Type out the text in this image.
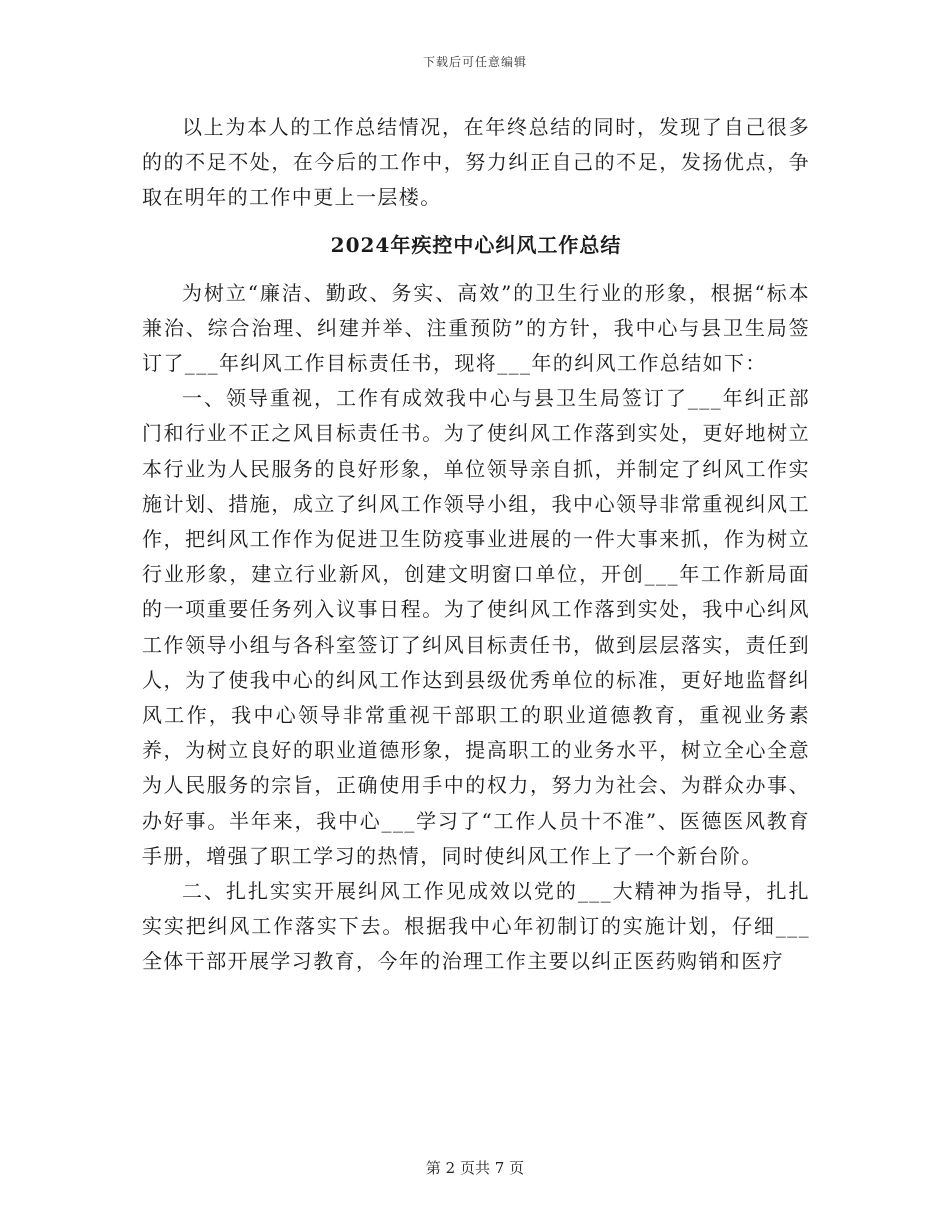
下载后可任意编辑

以上为本人的工作总结情况，在年终总结的同时，发现了自己很多的的不足不处，在今后的工作中，努力纠正自己的不足，发扬优点，争取在明年的工作中更上一层楼。

2024年疾控中心纠风工作总结

为树立“廉洁、勤政、务实、高效”的卫生行业的形象，根据“标本兼治、综合治理、纠建并举、注重预防”的方针，我中心与县卫生局签订了___年纠风工作目标责任书，现将___年的纠风工作总结如下：

一、领导重视，工作有成效我中心与县卫生局签订了___年纠正部门和行业不正之风目标责任书。为了使纠风工作落到实处，更好地树立本行业为人民服务的良好形象，单位领导亲自抓，并制定了纠风工作实施计划、措施，成立了纠风工作领导小组，我中心领导非常重视纠风工作，把纠风工作作为促进卫生防疫事业进展的一件大事来抓，作为树立行业形象，建立行业新风，创建文明窗口单位，开创___年工作新局面的一项重要任务列入议事日程。为了使纠风工作落到实处，我中心纠风工作领导小组与各科室签订了纠风目标责任书，做到层层落实，责任到人，为了使我中心的纠风工作达到县级优秀单位的标准，更好地监督纠风工作，我中心领导非常重视干部职工的职业道德教育，重视业务素养，为树立良好的职业道德形象，提高职工的业务水平，树立全心全意为人民服务的宗旨，正确使用手中的权力，努力为社会、为群众办事、办好事。半年来，我中心___学习了“工作人员十不准”、医德医风教育手册，增强了职工学习的热情，同时使纠风工作上了一个新台阶。

二、扎扎实实开展纠风工作见成效以党的___大精神为指导，扎扎实实把纠风工作落实下去。根据我中心年初制订的实施计划，仔细___全体干部开展学习教育，今年的治理工作主要以纠正医药购销和医疗

第 2 页共 7 页
